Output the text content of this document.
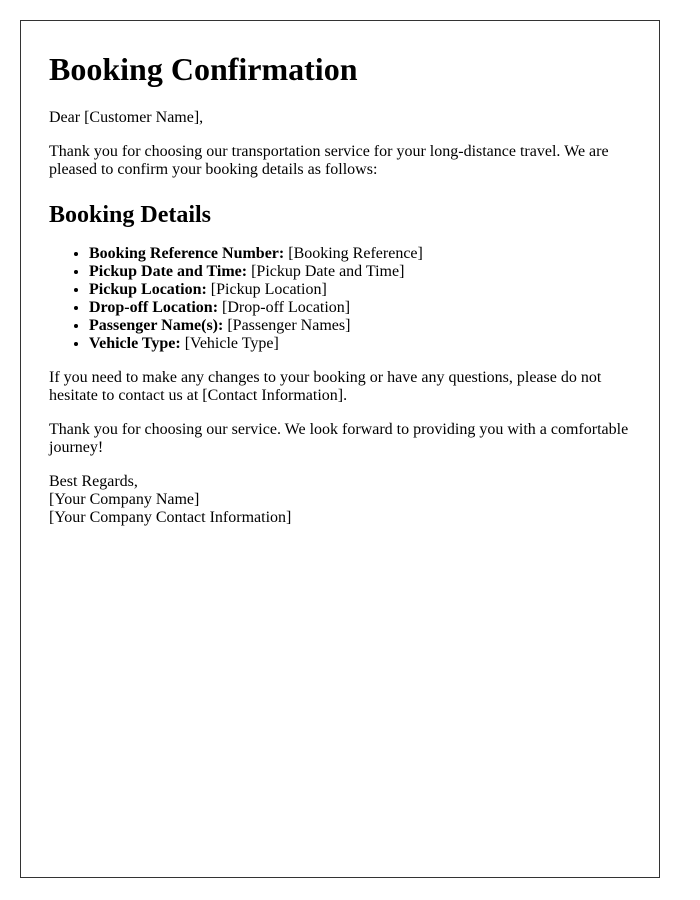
Booking Confirmation

Dear [Customer Name],

Thank you for choosing our transportation service for your long-distance travel. We are pleased to confirm your booking details as follows:

Booking Details
• Booking Reference Number: [Booking Reference]
• Pickup Date and Time: [Pickup Date and Time]
• Pickup Location: [Pickup Location]
• Drop-off Location: [Drop-off Location]
• Passenger Name(s): [Passenger Names]
• Vehicle Type: [Vehicle Type]

If you need to make any changes to your booking or have any questions, please do not hesitate to contact us at [Contact Information].

Thank you for choosing our service. We look forward to providing you with a comfortable journey!

Best Regards,
[Your Company Name]
[Your Company Contact Information]
